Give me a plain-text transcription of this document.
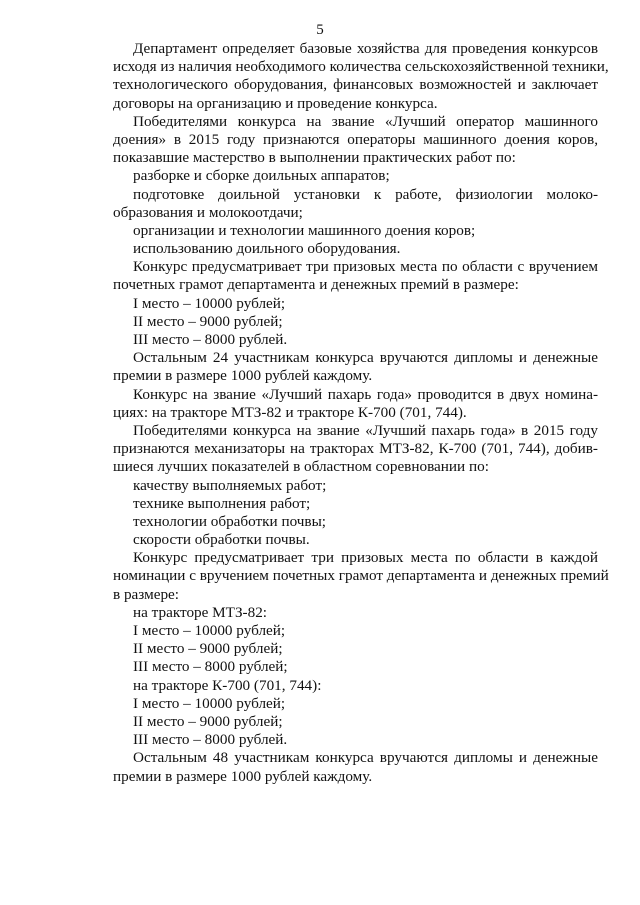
5
Департамент определяет базовые хозяйства для проведения конкурсов
исходя из наличия необходимого количества сельскохозяйственной техники,
технологического оборудования, финансовых возможностей и заключает
договоры на организацию и проведение конкурса.
Победителями конкурса на звание «Лучший оператор машинного
доения» в 2015 году признаются операторы машинного доения коров,
показавшие мастерство в выполнении практических работ по:
разборке и сборке доильных аппаратов;
подготовке доильной установки к работе, физиологии молоко-
образования и молокоотдачи;
организации и технологии машинного доения коров;
использованию доильного оборудования.
Конкурс предусматривает три призовых места по области с вручением
почетных грамот департамента и денежных премий в размере:
I место – 10000 рублей;
II место – 9000 рублей;
III место – 8000 рублей.
Остальным 24 участникам конкурса вручаются дипломы и денежные
премии в размере 1000 рублей каждому.
Конкурс на звание «Лучший пахарь года» проводится в двух номина-
циях: на тракторе МТЗ-82 и тракторе К-700 (701, 744).
Победителями конкурса на звание «Лучший пахарь года» в 2015 году
признаются механизаторы на тракторах МТЗ-82, К-700 (701, 744), добив-
шиеся лучших показателей в областном соревновании по:
качеству выполняемых работ;
технике выполнения работ;
технологии обработки почвы;
скорости обработки почвы.
Конкурс предусматривает три призовых места по области в каждой
номинации с вручением почетных грамот департамента и денежных премий
в размере:
на тракторе МТЗ-82:
I место – 10000 рублей;
II место – 9000 рублей;
III место – 8000 рублей;
на тракторе К-700 (701, 744):
I место – 10000 рублей;
II место – 9000 рублей;
III место – 8000 рублей.
Остальным 48 участникам конкурса вручаются дипломы и денежные
премии в размере 1000 рублей каждому.
